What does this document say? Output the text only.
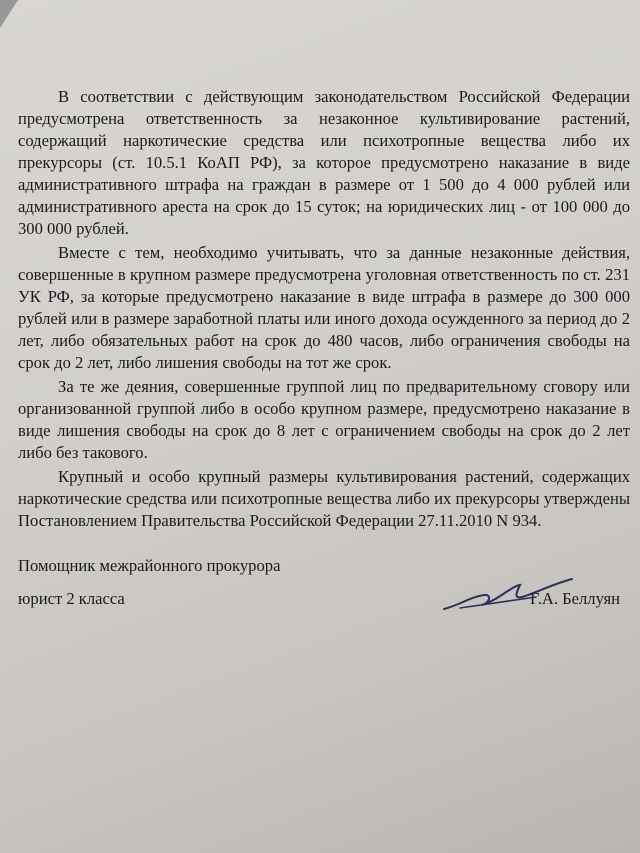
В соответствии с действующим законодательством Российской Федерации предусмотрена ответственность за незаконное культивирование растений, содержащий наркотические средства или психотропные вещества либо их прекурсоры (ст. 10.5.1 КоАП РФ), за которое предусмотрено наказание в виде административного штрафа на граждан в размере от 1 500 до 4 000 рублей или административного ареста на срок до 15 суток; на юридических лиц - от 100 000 до 300 000 рублей.

Вместе с тем, необходимо учитывать, что за данные незаконные действия, совершенные в крупном размере предусмотрена уголовная ответственность по ст. 231 УК РФ, за которые предусмотрено наказание в виде штрафа в размере до 300 000 рублей или в размере заработной платы или иного дохода осужденного за период до 2 лет, либо обязательных работ на срок до 480 часов, либо ограничения свободы на срок до 2 лет, либо лишения свободы на тот же срок.

За те же деяния, совершенные группой лиц по предварительному сговору или организованной группой либо в особо крупном размере, предусмотрено наказание в виде лишения свободы на срок до 8 лет с ограничением свободы на срок до 2 лет либо без такового.

Крупный и особо крупный размеры культивирования растений, содержащих наркотические средства или психотропные вещества либо их прекурсоры утверждены Постановлением Правительства Российской Федерации 27.11.2010 N 934.

Помощник межрайонного прокурора
юрист 2 класса	Г.А. Беллуян
